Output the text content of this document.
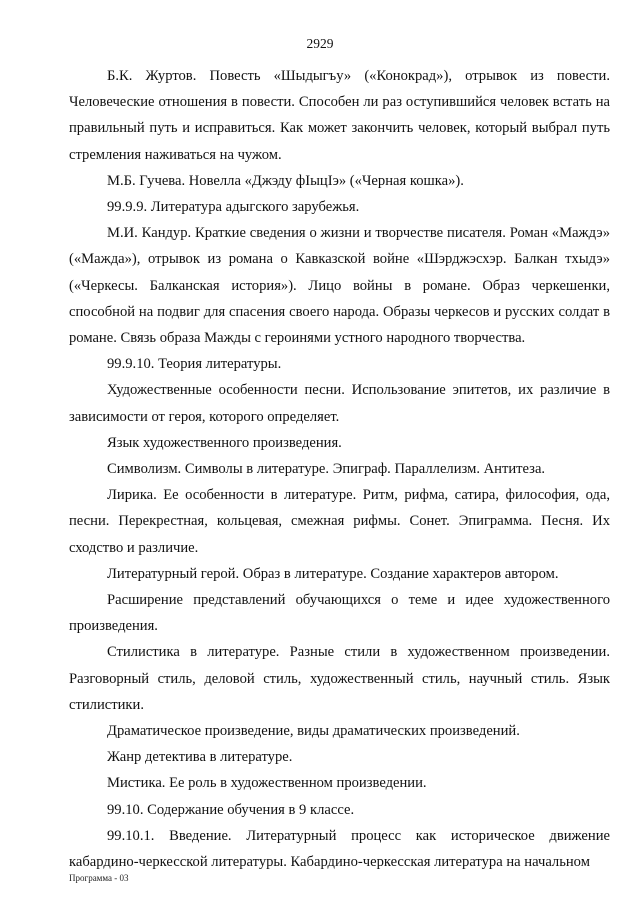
2929

Б.К. Журтов. Повесть «Шыдыгъу» («Конокрад»), отрывок из повести. Человеческие отношения в повести. Способен ли раз оступившийся человек встать на правильный путь и исправиться. Как может закончить человек, который выбрал путь стремления наживаться на чужом.

М.Б. Гучева. Новелла «Джэду фIыцIэ» («Черная кошка»).

99.9.9. Литература адыгского зарубежья.

М.И. Кандур. Краткие сведения о жизни и творчестве писателя. Роман «Маждэ» («Мажда»), отрывок из романа о Кавказской войне «Шэрджэсхэр. Балкан тхыдэ» («Черкесы. Балканская история»). Лицо войны в романе. Образ черкешенки, способной на подвиг для спасения своего народа. Образы черкесов и русских солдат в романе. Связь образа Мажды с героинями устного народного творчества.

99.9.10. Теория литературы.

Художественные особенности песни. Использование эпитетов, их различие в зависимости от героя, которого определяет.

Язык художественного произведения.

Символизм. Символы в литературе. Эпиграф. Параллелизм. Антитеза.

Лирика. Ее особенности в литературе. Ритм, рифма, сатира, философия, ода, песни. Перекрестная, кольцевая, смежная рифмы. Сонет. Эпиграмма. Песня. Их сходство и различие.

Литературный герой. Образ в литературе. Создание характеров автором.

Расширение представлений обучающихся о теме и идее художественного произведения.

Стилистика в литературе. Разные стили в художественном произведении. Разговорный стиль, деловой стиль, художественный стиль, научный стиль. Язык стилистики.

Драматическое произведение, виды драматических произведений.

Жанр детектива в литературе.

Мистика. Ее роль в художественном произведении.

99.10. Содержание обучения в 9 классе.

99.10.1. Введение. Литературный процесс как историческое движение кабардино-черкесской литературы. Кабардино-черкесская литература на начальном

Программа - 03
